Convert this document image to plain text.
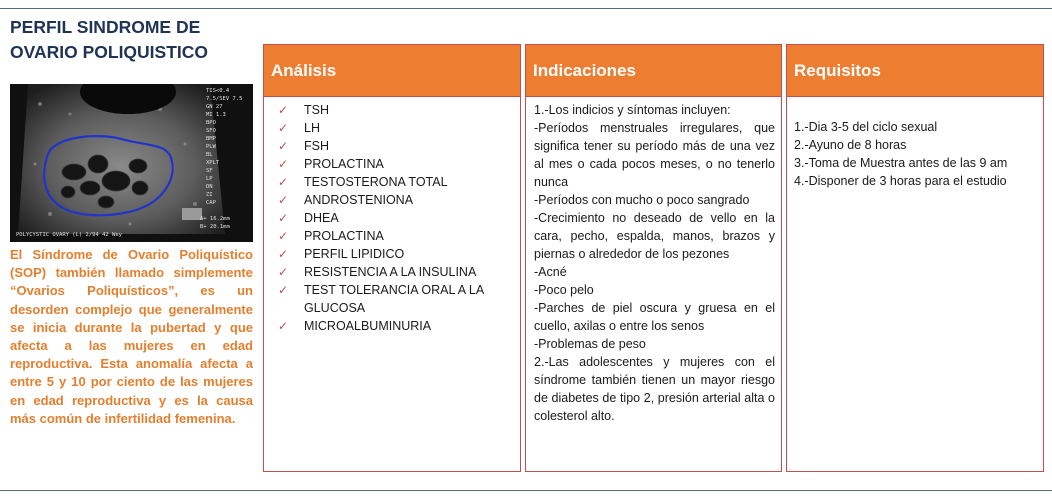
PERFIL SINDROME DE OVARIO POLIQUISTICO
TIS<0.4
7.5/SEV 7.5
GN 27
MI 1.3
BPO
SFO
BMP
PLW
BL
XPLT
SF
LP
DN
ZI
CAP
A+ 16.2mm
B+ 20.1mm
POLYCYSTIC OVARY (L) 2/94 42 Wey

El Síndrome de Ovario Poliquístico (SOP) también llamado simplemente “Ovarios Poliquísticos”, es un desorden complejo que generalmente se inicia durante la pubertad y que afecta a las mujeres en edad reproductiva. Esta anomalía afecta a entre 5 y 10 por ciento de las mujeres en edad reproductiva y es la causa más común de infertilidad femenina.

Análisis
✓ TSH
✓ LH
✓ FSH
✓ PROLACTINA
✓ TESTOSTERONA TOTAL
✓ ANDROSTENIONA
✓ DHEA
✓ PROLACTINA
✓ PERFIL LIPIDICO
✓ RESISTENCIA A LA INSULINA
✓ TEST TOLERANCIA ORAL A LA GLUCOSA
✓ MICROALBUMINURIA
Indicaciones
1.-Los indicios y síntomas incluyen:
-Períodos menstruales irregulares, que significa tener su período más de una vez al mes o cada pocos meses, o no tenerlo nunca
-Períodos con mucho o poco sangrado
-Crecimiento no deseado de vello en la cara, pecho, espalda, manos, brazos y piernas o alrededor de los pezones
-Acné
-Poco pelo
-Parches de piel oscura y gruesa en el cuello, axilas o entre los senos
-Problemas de peso
2.-Las adolescentes y mujeres con el síndrome también tienen un mayor riesgo de diabetes de tipo 2, presión arterial alta o colesterol alto.
Requisitos
1.-Dia 3-5 del ciclo sexual
2.-Ayuno de 8 horas
3.-Toma de Muestra antes de las 9 am
4.-Disponer de 3 horas para el estudio
